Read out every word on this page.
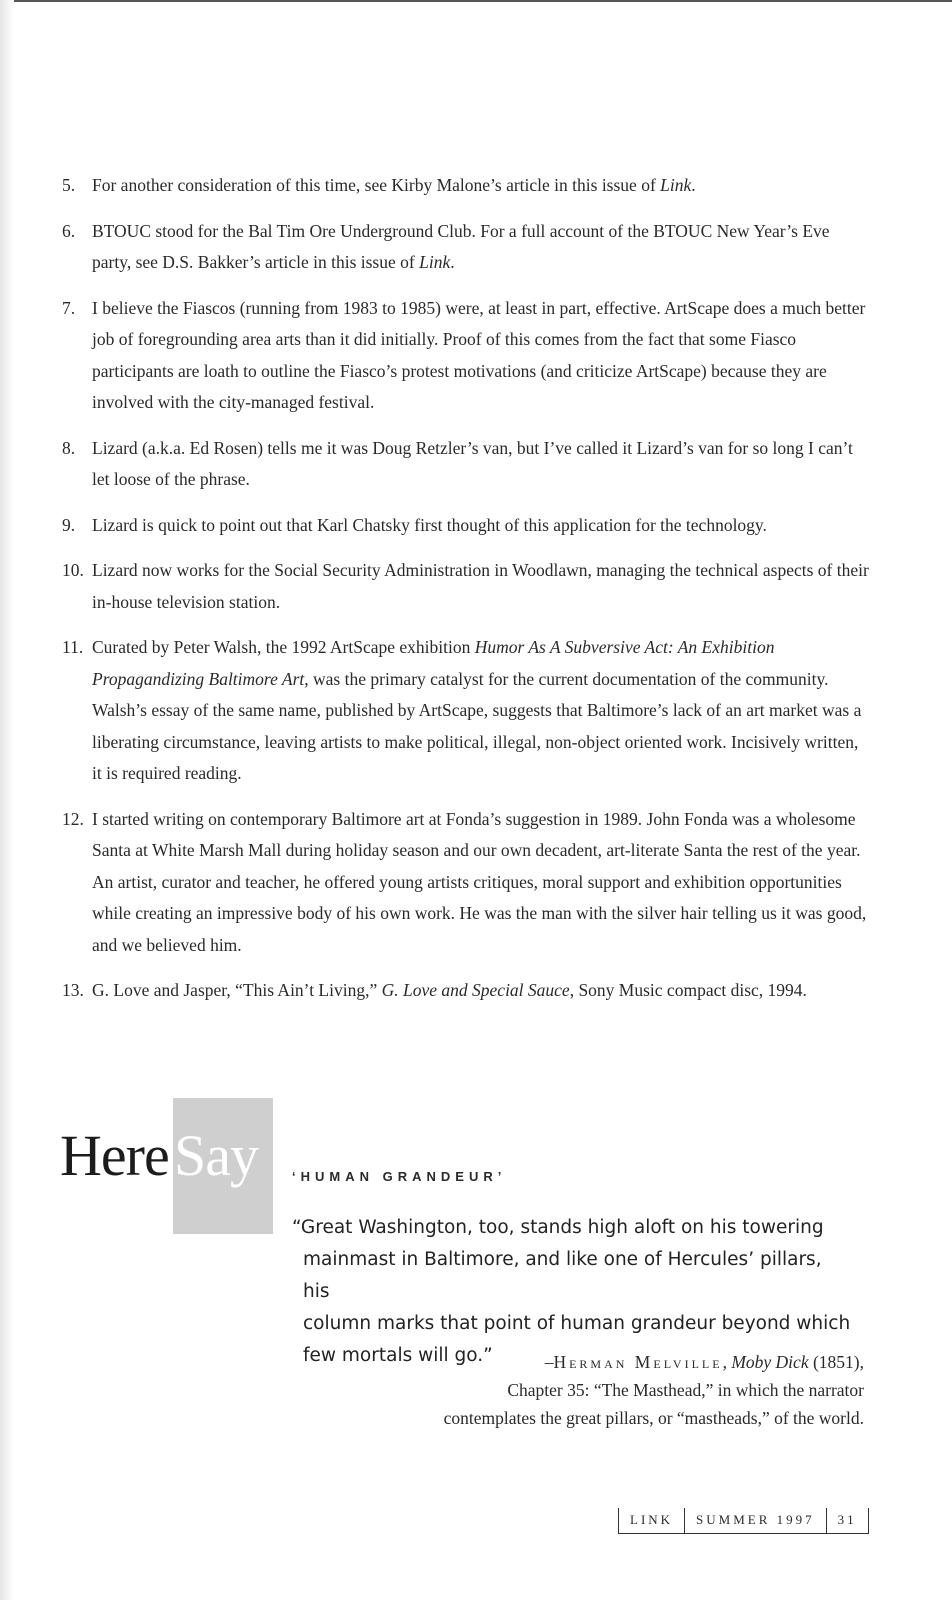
5. For another consideration of this time, see Kirby Malone’s article in this issue of Link.
6. BTOUC stood for the Bal Tim Ore Underground Club. For a full account of the BTOUC New Year’s Eve party, see D.S. Bakker’s article in this issue of Link.
7. I believe the Fiascos (running from 1983 to 1985) were, at least in part, effective. ArtScape does a much better job of foregrounding area arts than it did initially. Proof of this comes from the fact that some Fiasco participants are loath to outline the Fiasco’s protest motivations (and criticize ArtScape) because they are involved with the city-managed festival.
8. Lizard (a.k.a. Ed Rosen) tells me it was Doug Retzler’s van, but I’ve called it Lizard’s van for so long I can’t let loose of the phrase.
9. Lizard is quick to point out that Karl Chatsky first thought of this application for the technology.
10. Lizard now works for the Social Security Administration in Woodlawn, managing the technical aspects of their in-house television station.
11. Curated by Peter Walsh, the 1992 ArtScape exhibition Humor As A Subversive Act: An Exhibition Propagandizing Baltimore Art, was the primary catalyst for the current documentation of the community. Walsh’s essay of the same name, published by ArtScape, suggests that Baltimore’s lack of an art market was a liberating circumstance, leaving artists to make political, illegal, non-object oriented work. Incisively written, it is required reading.
12. I started writing on contemporary Baltimore art at Fonda’s suggestion in 1989. John Fonda was a wholesome Santa at White Marsh Mall during holiday season and our own decadent, art-literate Santa the rest of the year. An artist, curator and teacher, he offered young artists critiques, moral support and exhibition opportunities while creating an impressive body of his own work. He was the man with the silver hair telling us it was good, and we believed him.
13. G. Love and Jasper, “This Ain’t Living,” G. Love and Special Sauce, Sony Music compact disc, 1994.
Here Say	‘HUMAN GRANDEUR’
“Great Washington, too, stands high aloft on his towering
mainmast in Baltimore, and like one of Hercules’ pillars, his
column marks that point of human grandeur beyond which
few mortals will go.”	–Herman Melville, Moby Dick (1851),
Chapter 35: “The Masthead,” in which the narrator
contemplates the great pillars, or “mastheads,” of the world.
LINK	SUMMER 1997	31
